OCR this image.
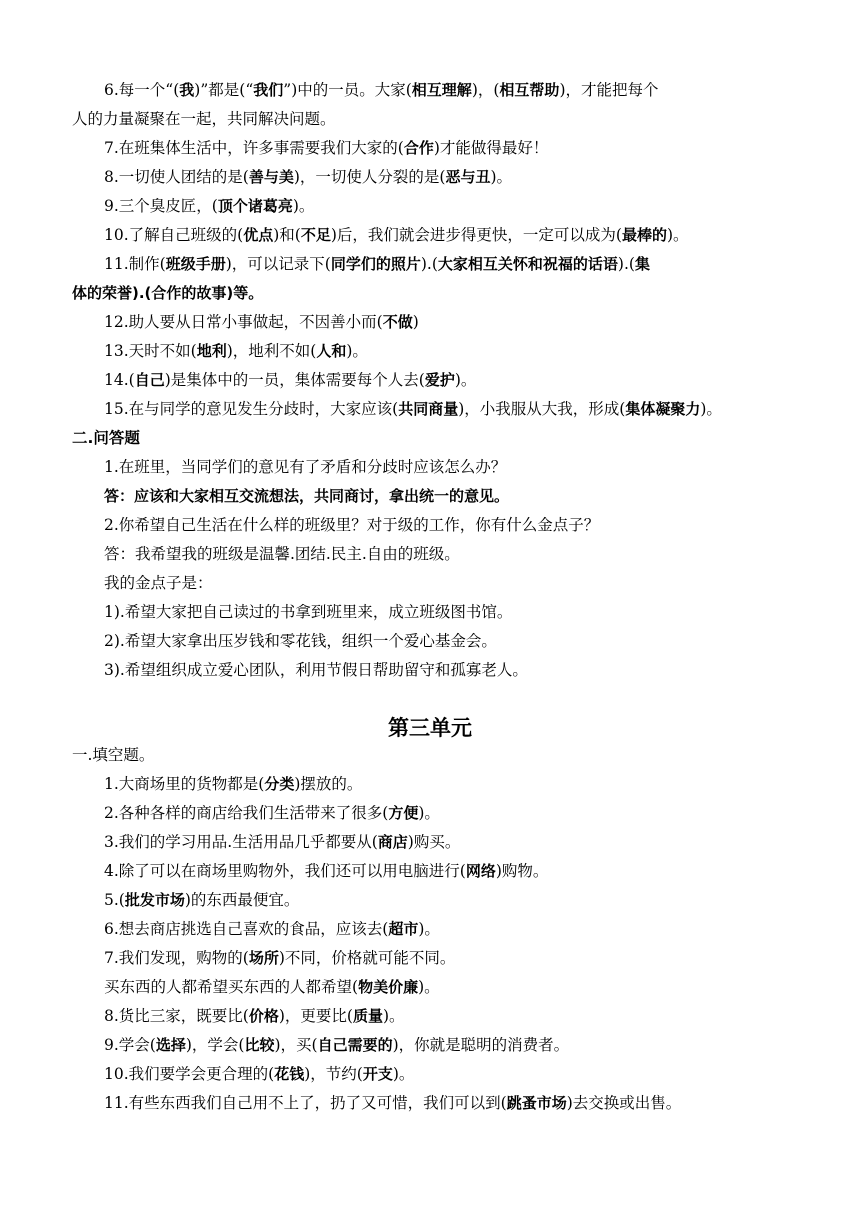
6.每一个“(我)”都是(“我们”)中的一员。大家(相互理解)，(相互帮助)，才能把每个
人的力量凝聚在一起，共同解决问题。
7.在班集体生活中，许多事需要我们大家的(合作)才能做得最好！
8.一切使人团结的是(善与美)，一切使人分裂的是(恶与丑)。
9.三个臭皮匠，(顶个诸葛亮)。
10.了解自己班级的(优点)和(不足)后，我们就会进步得更快，一定可以成为(最棒的)。
11.制作(班级手册)，可以记录下(同学们的照片).(大家相互关怀和祝福的话语).(集
体的荣誉).(合作的故事)等。
12.助人要从日常小事做起，不因善小而(不做)
13.天时不如(地利)，地利不如(人和)。
14.(自己)是集体中的一员，集体需要每个人去(爱护)。
15.在与同学的意见发生分歧时，大家应该(共同商量)，小我服从大我，形成(集体凝聚力)。
二.问答题
1.在班里，当同学们的意见有了矛盾和分歧时应该怎么办？
答：应该和大家相互交流想法，共同商讨，拿出统一的意见。
2.你希望自己生活在什么样的班级里？对于级的工作，你有什么金点子？
答：我希望我的班级是温馨.团结.民主.自由的班级。
我的金点子是：
1).希望大家把自己读过的书拿到班里来，成立班级图书馆。
2).希望大家拿出压岁钱和零花钱，组织一个爱心基金会。
3).希望组织成立爱心团队，利用节假日帮助留守和孤寡老人。
第三单元
一.填空题。
1.大商场里的货物都是(分类)摆放的。
2.各种各样的商店给我们生活带来了很多(方便)。
3.我们的学习用品.生活用品几乎都要从(商店)购买。
4.除了可以在商场里购物外，我们还可以用电脑进行(网络)购物。
5.(批发市场)的东西最便宜。
6.想去商店挑选自己喜欢的食品，应该去(超市)。
7.我们发现，购物的(场所)不同，价格就可能不同。
买东西的人都希望买东西的人都希望(物美价廉)。
8.货比三家，既要比(价格)，更要比(质量)。
9.学会(选择)，学会(比较)，买(自己需要的)，你就是聪明的消费者。
10.我们要学会更合理的(花钱)，节约(开支)。
11.有些东西我们自己用不上了，扔了又可惜，我们可以到(跳蚤市场)去交换或出售。
